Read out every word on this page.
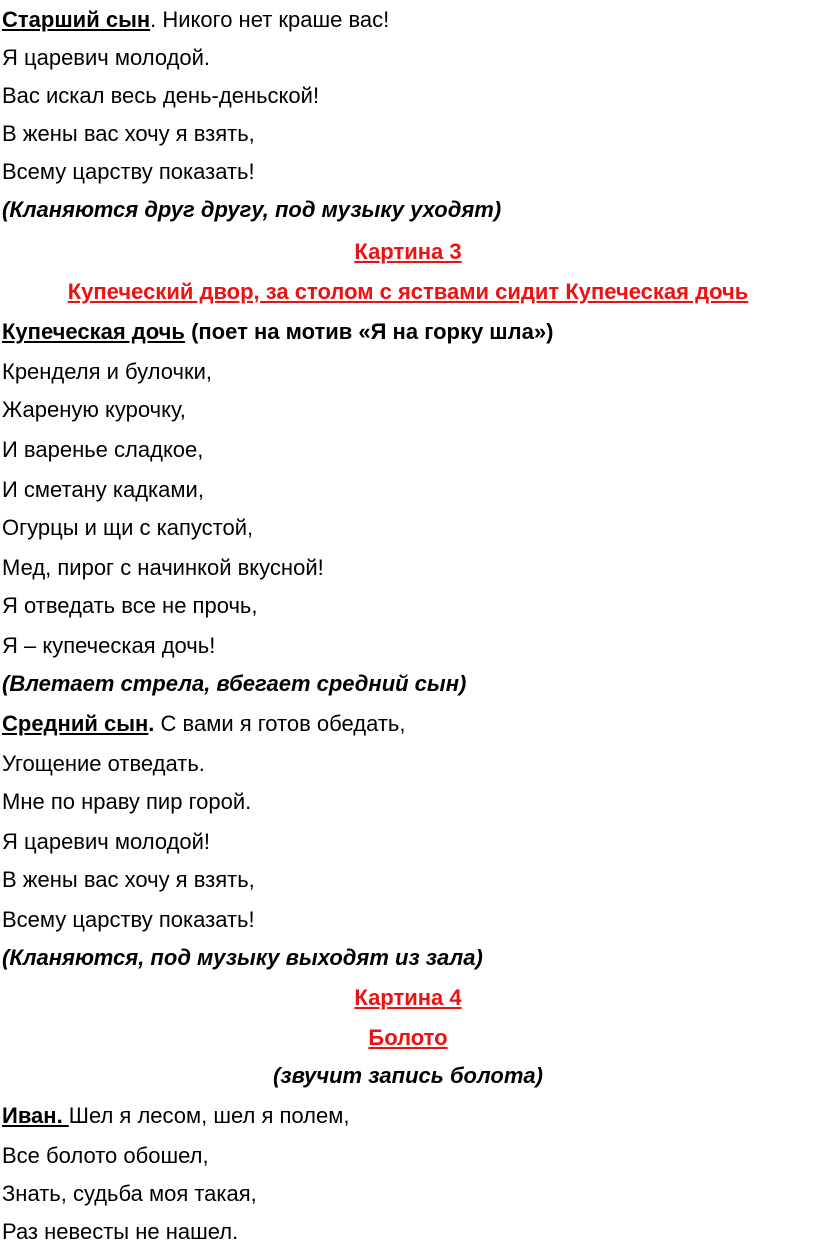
Старший сын. Никого нет краше вас!
Я царевич молодой.
Вас искал весь день-деньской!
В жены вас хочу я взять,
Всему царству показать!
(Кланяются друг другу, под музыку уходят)
Картина 3
Купеческий двор, за столом с яствами сидит Купеческая дочь
Купеческая дочь (поет на мотив «Я на горку шла»)
Кренделя и булочки,
Жареную курочку,
И варенье сладкое,
И сметану кадками,
Огурцы и щи с капустой,
Мед, пирог с начинкой вкусной!
Я отведать все не прочь,
Я – купеческая дочь!
(Влетает стрела, вбегает средний сын)
Средний сын. С вами я готов обедать,
Угощение отведать.
Мне по нраву пир горой.
Я царевич молодой!
В жены вас хочу я взять,
Всему царству показать!
(Кланяются, под музыку выходят из зала)
Картина 4
Болото
(звучит запись болота)
Иван. Шел я лесом, шел я полем,
Все болото обошел,
Знать, судьба моя такая,
Раз невесты не нашел.
